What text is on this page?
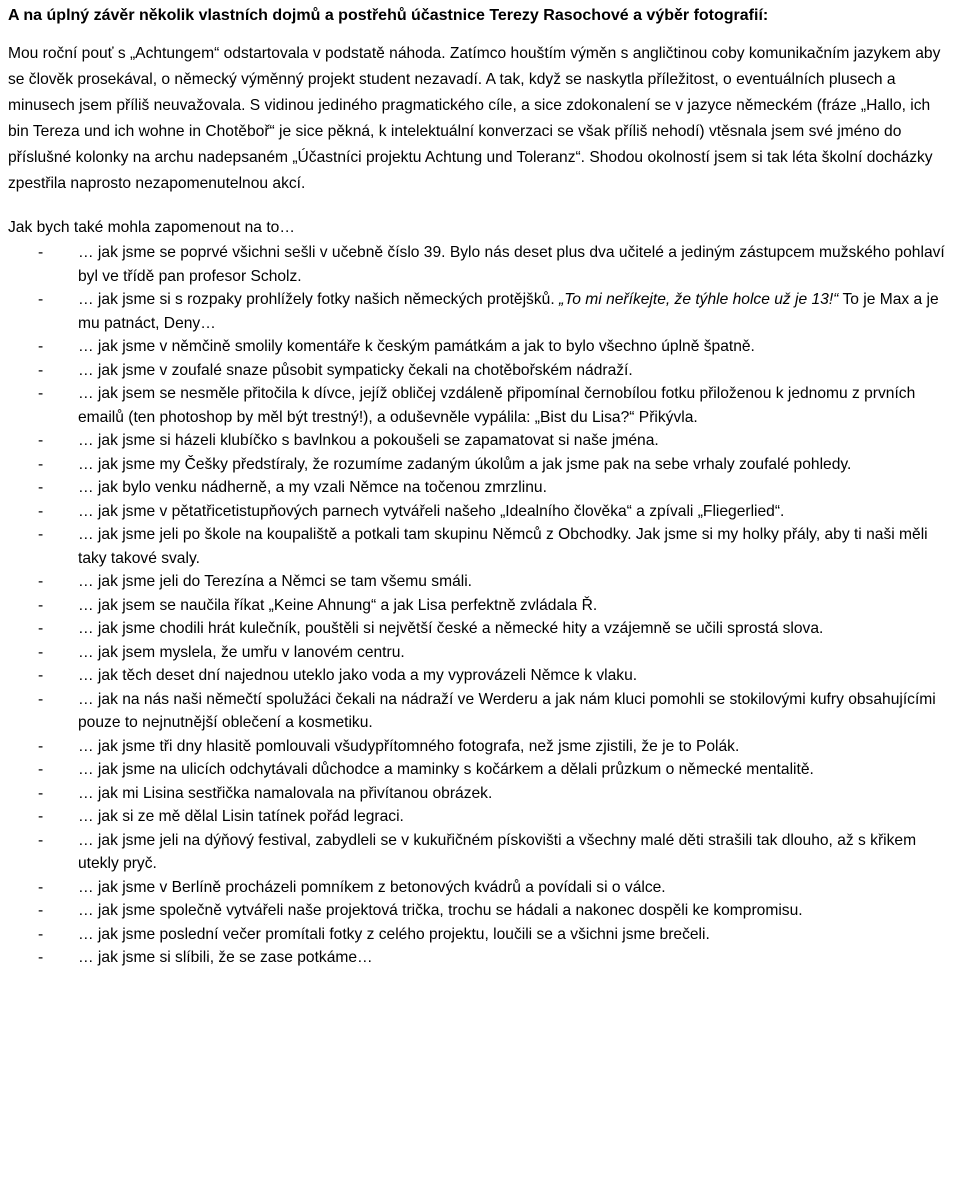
A na úplný závěr několik vlastních dojmů a postřehů účastnice Terezy Rasochové a výběr fotografií:

Mou roční pouť s „Achtungem“ odstartovala v podstatě náhoda. Zatímco houštím výměn s angličtinou coby komunikačním jazykem aby se člověk prosekával, o německý výměnný projekt student nezavadí. A tak, když se naskytla příležitost, o eventuálních plusech a minusech jsem příliš neuvažovala. S vidinou jediného pragmatického cíle, a sice zdokonalení se v jazyce německém (fráze „Hallo, ich bin Tereza und ich wohne in Chotěboř“ je sice pěkná, k intelektuální konverzaci se však příliš nehodí) vtěsnala jsem své jméno do příslušné kolonky na archu nadepsaném „Účastníci projektu Achtung und Toleranz“. Shodou okolností jsem si tak léta školní docházky zpestřila naprosto nezapomenutelnou akcí.

Jak bych také mohla zapomenout na to…

- … jak jsme se poprvé všichni sešli v učebně číslo 39. Bylo nás deset plus dva učitelé a jediným zástupcem mužského pohlaví byl ve třídě pan profesor Scholz.
- … jak jsme si s rozpaky prohlížely fotky našich německých protějšků. „To mi neříkejte, že týhle holce už je 13!“ To je Max a je mu patnáct, Deny…
- … jak jsme v němčině smolily komentáře k českým památkám a jak to bylo všechno úplně špatně.
- … jak jsme v zoufalé snaze působit sympaticky čekali na chotěbořském nádraží.
- … jak jsem se nesměle přitočila k dívce, jejíž obličej vzdáleně připomínal černobílou fotku přiloženou k jednomu z prvních emailů (ten photoshop by měl být trestný!), a oduševněle vypálila: „Bist du Lisa?“ Přikývla.
- … jak jsme si házeli klubíčko s bavlnkou a pokoušeli se zapamatovat si naše jména.
- … jak jsme my Češky předstíraly, že rozumíme zadaným úkolům a jak jsme pak na sebe vrhaly zoufalé pohledy.
- … jak bylo venku nádherně, a my vzali Němce na točenou zmrzlinu.
- … jak jsme v pětatřicetistupňových parnech vytvářeli našeho „Idealního člověka“ a zpívali „Fliegerlied“.
- … jak jsme jeli po škole na koupaliště a potkali tam skupinu Němců z Obchodky. Jak jsme si my holky přály, aby ti naši měli taky takové svaly.
- … jak jsme jeli do Terezína a Němci se tam všemu smáli.
- … jak jsem se naučila říkat „Keine Ahnung“ a jak Lisa perfektně zvládala Ř.
- … jak jsme chodili hrát kulečník, pouštěli si největší české a německé hity a vzájemně se učili sprostá slova.
- … jak jsem myslela, že umřu v lanovém centru.
- … jak těch deset dní najednou uteklo jako voda a my vyprovázeli Němce k vlaku.
- … jak na nás naši němečtí spolužáci čekali na nádraží ve Werderu a jak nám kluci pomohli se stokilovými kufry obsahujícími pouze to nejnutnější oblečení a kosmetiku.
- … jak jsme tři dny hlasitě pomlouvali všudypřítomného fotografa, než jsme zjistili, že je to Polák.
- … jak jsme na ulicích odchytávali důchodce a maminky s kočárkem a dělali průzkum o německé mentalitě.
- … jak mi Lisina sestřička namalovala na přivítanou obrázek.
- … jak si ze mě dělal Lisin tatínek pořád legraci.
- … jak jsme jeli na dýňový festival, zabydleli se v kukuřičném pískovišti a všechny malé děti strašili tak dlouho, až s křikem utekly pryč.
- … jak jsme v Berlíně procházeli pomníkem z betonových kvádrů a povídali si o válce.
- … jak jsme společně vytvářeli naše projektová trička, trochu se hádali a nakonec dospěli ke kompromisu.
- … jak jsme poslední večer promítali fotky z celého projektu, loučili se a všichni jsme brečeli.
- … jak jsme si slíbili, že se zase potkáme…
